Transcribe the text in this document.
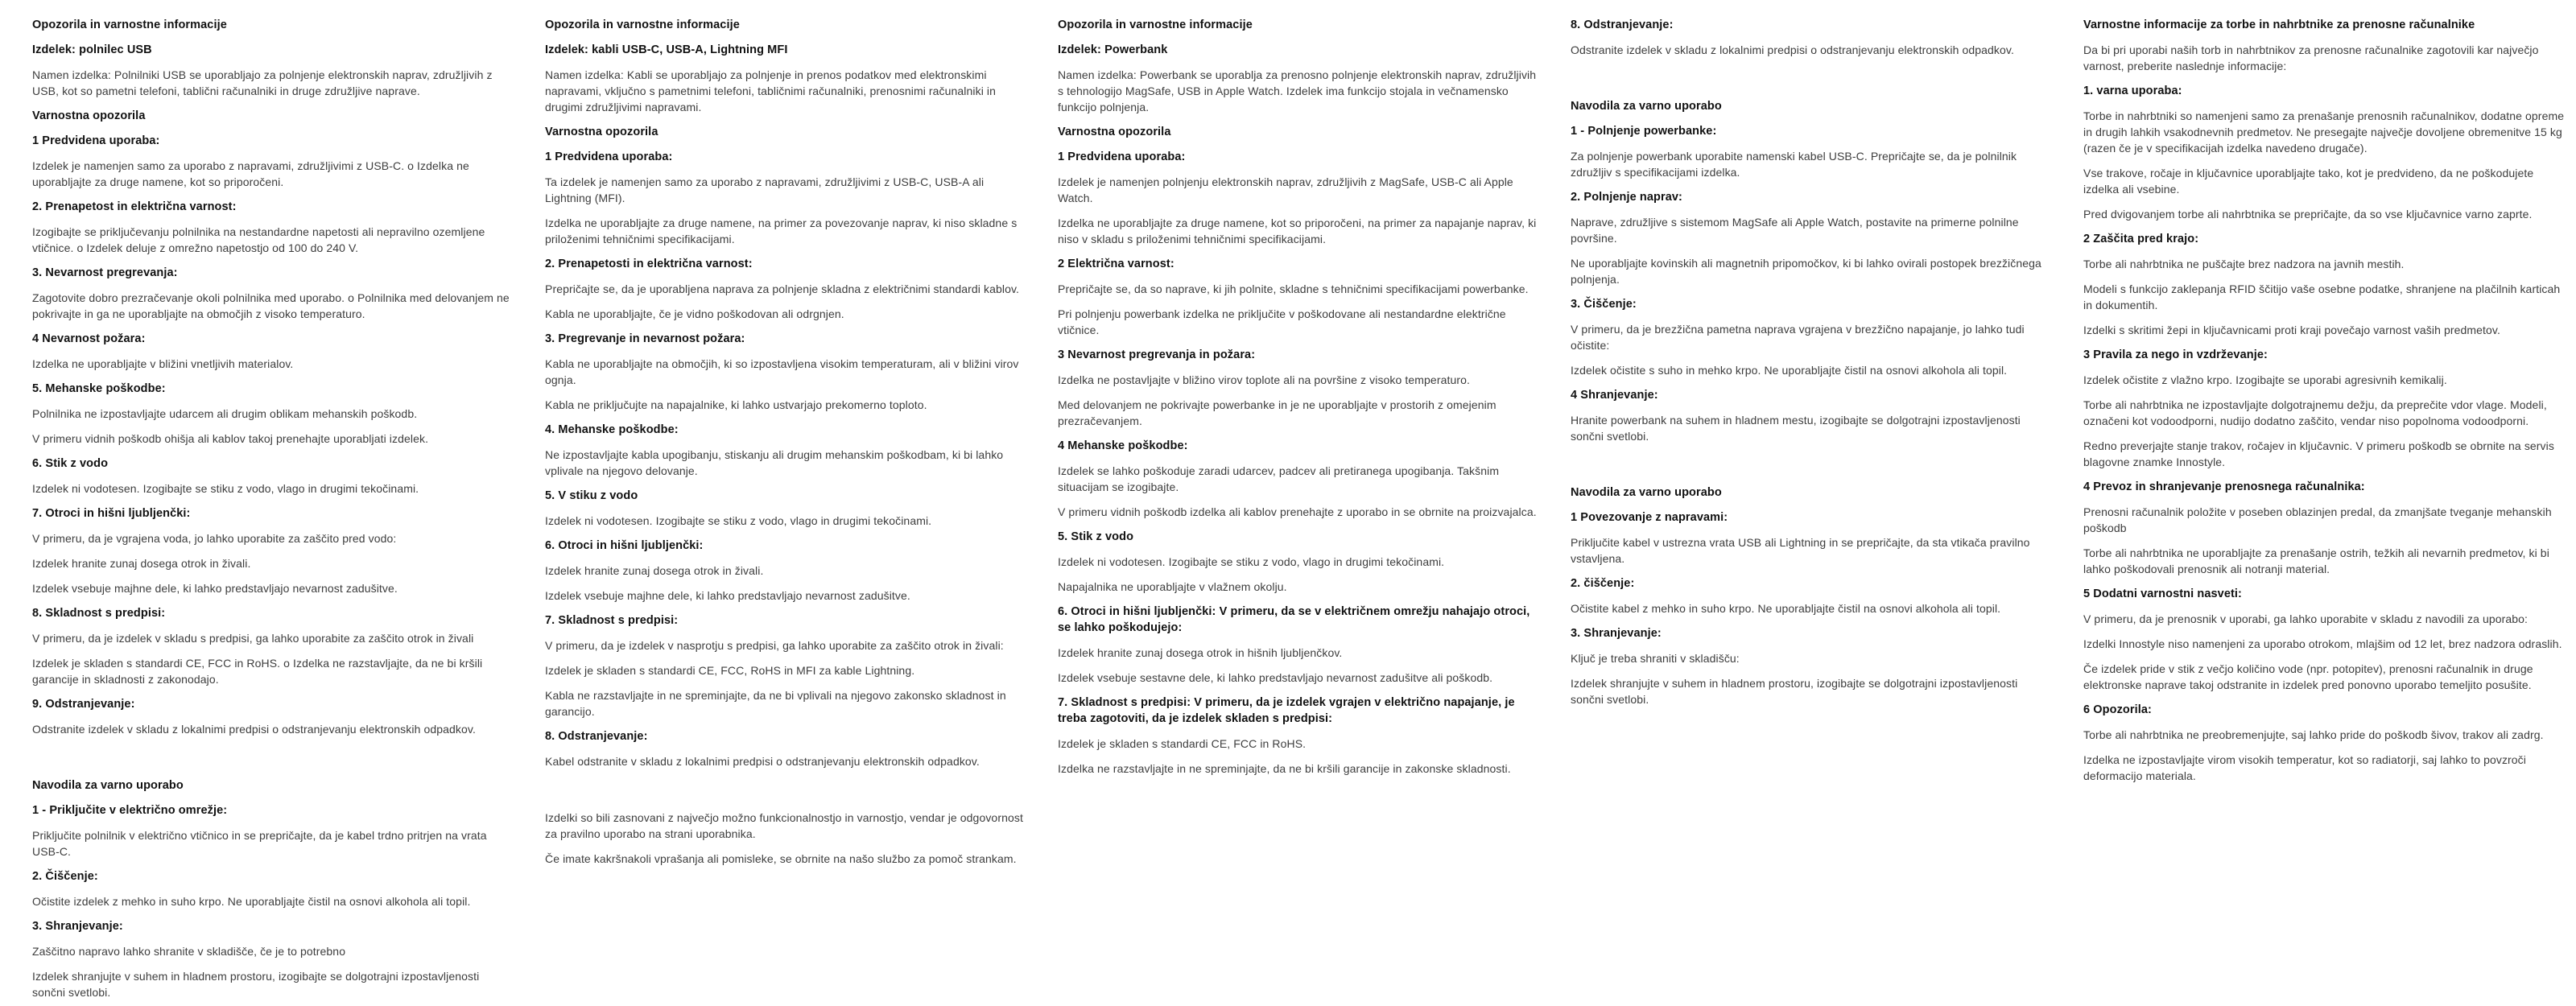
Opozorila in varnostne informacije
Izdelek: polnilec USB

Namen izdelka: Polnilniki USB se uporabljajo za polnjenje elektronskih naprav, združljivih z USB, kot so pametni telefoni, tablični računalniki in druge združljive naprave.

Varnostna opozorila
1 Predvidena uporaba:

Izdelek je namenjen samo za uporabo z napravami, združljivimi z USB-C. o Izdelka ne uporabljajte za druge namene, kot so priporočeni.

2. Prenapetost in električna varnost:

Izogibajte se priključevanju polnilnika na nestandardne napetosti ali nepravilno ozemljene vtičnice. o Izdelek deluje z omrežno napetostjo od 100 do 240 V.

3. Nevarnost pregrevanja:

Zagotovite dobro prezračevanje okoli polnilnika med uporabo. o Polnilnika med delovanjem ne pokrivajte in ga ne uporabljajte na območjih z visoko temperaturo.

4 Nevarnost požara:

Izdelka ne uporabljajte v bližini vnetljivih materialov.

5. Mehanske poškodbe:

Polnilnika ne izpostavljajte udarcem ali drugim oblikam mehanskih poškodb.

V primeru vidnih poškodb ohišja ali kablov takoj prenehajte uporabljati izdelek.

6. Stik z vodo

Izdelek ni vodotesen. Izogibajte se stiku z vodo, vlago in drugimi tekočinami.

7. Otroci in hišni ljubljenčki:

V primeru, da je vgrajena voda, jo lahko uporabite za zaščito pred vodo:

Izdelek hranite zunaj dosega otrok in živali.

Izdelek vsebuje majhne dele, ki lahko predstavljajo nevarnost zadušitve.

8. Skladnost s predpisi:

V primeru, da je izdelek v skladu s predpisi, ga lahko uporabite za zaščito otrok in živali

Izdelek je skladen s standardi CE, FCC in RoHS. o Izdelka ne razstavljajte, da ne bi kršili garancije in skladnosti z zakonodajo.

9. Odstranjevanje:

Odstranite izdelek v skladu z lokalnimi predpisi o odstranjevanju elektronskih odpadkov.

Navodila za varno uporabo
1 - Priključite v električno omrežje:

Priključite polnilnik v električno vtičnico in se prepričajte, da je kabel trdno pritrjen na vrata USB-C.

2. Čiščenje:

Očistite izdelek z mehko in suho krpo. Ne uporabljajte čistil na osnovi alkohola ali topil.

3. Shranjevanje:

Zaščitno napravo lahko shranite v skladišče, če je to potrebno

Izdelek shranjujte v suhem in hladnem prostoru, izogibajte se dolgotrajni izpostavljenosti sončni svetlobi.

Opozorila in varnostne informacije
Izdelek: kabli USB-C, USB-A, Lightning MFI

Namen izdelka: Kabli se uporabljajo za polnjenje in prenos podatkov med elektronskimi napravami, vključno s pametnimi telefoni, tabličnimi računalniki, prenosnimi računalniki in drugimi združljivimi napravami.

Varnostna opozorila
1 Predvidena uporaba:

Ta izdelek je namenjen samo za uporabo z napravami, združljivimi z USB-C, USB-A ali Lightning (MFI).

Izdelka ne uporabljajte za druge namene, na primer za povezovanje naprav, ki niso skladne s priloženimi tehničnimi specifikacijami.

2. Prenapetosti in električna varnost:

Prepričajte se, da je uporabljena naprava za polnjenje skladna z električnimi standardi kablov.

Kabla ne uporabljajte, če je vidno poškodovan ali odrgnjen.

3. Pregrevanje in nevarnost požara:

Kabla ne uporabljajte na območjih, ki so izpostavljena visokim temperaturam, ali v bližini virov ognja.

Kabla ne priključujte na napajalnike, ki lahko ustvarjajo prekomerno toploto.

4. Mehanske poškodbe:

Ne izpostavljajte kabla upogibanju, stiskanju ali drugim mehanskim poškodbam, ki bi lahko vplivale na njegovo delovanje.

5. V stiku z vodo

Izdelek ni vodotesen. Izogibajte se stiku z vodo, vlago in drugimi tekočinami.

6. Otroci in hišni ljubljenčki:

Izdelek hranite zunaj dosega otrok in živali.

Izdelek vsebuje majhne dele, ki lahko predstavljajo nevarnost zadušitve.

7. Skladnost s predpisi:

V primeru, da je izdelek v nasprotju s predpisi, ga lahko uporabite za zaščito otrok in živali:

Izdelek je skladen s standardi CE, FCC, RoHS in MFI za kable Lightning.

Kabla ne razstavljajte in ne spreminjajte, da ne bi vplivali na njegovo zakonsko skladnost in garancijo.

8. Odstranjevanje:

Kabel odstranite v skladu z lokalnimi predpisi o odstranjevanju elektronskih odpadkov.

Izdelki so bili zasnovani z največjo možno funkcionalnostjo in varnostjo, vendar je odgovornost za pravilno uporabo na strani uporabnika.

Če imate kakršnakoli vprašanja ali pomisleke, se obrnite na našo službo za pomoč strankam.

Opozorila in varnostne informacije
Izdelek: Powerbank

Namen izdelka: Powerbank se uporablja za prenosno polnjenje elektronskih naprav, združljivih s tehnologijo MagSafe, USB in Apple Watch. Izdelek ima funkcijo stojala in večnamensko funkcijo polnjenja.

Varnostna opozorila
1 Predvidena uporaba:

Izdelek je namenjen polnjenju elektronskih naprav, združljivih z MagSafe, USB-C ali Apple Watch.

Izdelka ne uporabljajte za druge namene, kot so priporočeni, na primer za napajanje naprav, ki niso v skladu s priloženimi tehničnimi specifikacijami.

2 Električna varnost:

Prepričajte se, da so naprave, ki jih polnite, skladne s tehničnimi specifikacijami powerbanke.

Pri polnjenju powerbank izdelka ne priključite v poškodovane ali nestandardne električne vtičnice.

3 Nevarnost pregrevanja in požara:

Izdelka ne postavljajte v bližino virov toplote ali na površine z visoko temperaturo.

Med delovanjem ne pokrivajte powerbanke in je ne uporabljajte v prostorih z omejenim prezračevanjem.

4 Mehanske poškodbe:

Izdelek se lahko poškoduje zaradi udarcev, padcev ali pretiranega upogibanja. Takšnim situacijam se izogibajte.

V primeru vidnih poškodb izdelka ali kablov prenehajte z uporabo in se obrnite na proizvajalca.

5. Stik z vodo

Izdelek ni vodotesen. Izogibajte se stiku z vodo, vlago in drugimi tekočinami.

Napajalnika ne uporabljajte v vlažnem okolju.

6. Otroci in hišni ljubljenčki: V primeru, da se v električnem omrežju nahajajo otroci, se lahko poškodujejo:

Izdelek hranite zunaj dosega otrok in hišnih ljubljenčkov.

Izdelek vsebuje sestavne dele, ki lahko predstavljajo nevarnost zadušitve ali poškodb.

7. Skladnost s predpisi: V primeru, da je izdelek vgrajen v električno napajanje, je treba zagotoviti, da je izdelek skladen s predpisi:

Izdelek je skladen s standardi CE, FCC in RoHS.

Izdelka ne razstavljajte in ne spreminjajte, da ne bi kršili garancije in zakonske skladnosti.

8. Odstranjevanje:

Odstranite izdelek v skladu z lokalnimi predpisi o odstranjevanju elektronskih odpadkov.

Navodila za varno uporabo
1 - Polnjenje powerbanke:

Za polnjenje powerbank uporabite namenski kabel USB-C. Prepričajte se, da je polnilnik združljiv s specifikacijami izdelka.

2. Polnjenje naprav:

Naprave, združljive s sistemom MagSafe ali Apple Watch, postavite na primerne polnilne površine.

Ne uporabljajte kovinskih ali magnetnih pripomočkov, ki bi lahko ovirali postopek brezžičnega polnjenja.

3. Čiščenje:

V primeru, da je brezžična pametna naprava vgrajena v brezžično napajanje, jo lahko tudi očistite:

Izdelek očistite s suho in mehko krpo. Ne uporabljajte čistil na osnovi alkohola ali topil.

4 Shranjevanje:

Hranite powerbank na suhem in hladnem mestu, izogibajte se dolgotrajni izpostavljenosti sončni svetlobi.

Navodila za varno uporabo
1 Povezovanje z napravami:

Priključite kabel v ustrezna vrata USB ali Lightning in se prepričajte, da sta vtikača pravilno vstavljena.

2. čiščenje:

Očistite kabel z mehko in suho krpo. Ne uporabljajte čistil na osnovi alkohola ali topil.

3. Shranjevanje:

Ključ je treba shraniti v skladišču:

Izdelek shranjujte v suhem in hladnem prostoru, izogibajte se dolgotrajni izpostavljenosti sončni svetlobi.

Varnostne informacije za torbe in nahrbtnike za prenosne računalnike

Da bi pri uporabi naših torb in nahrbtnikov za prenosne računalnike zagotovili kar največjo varnost, preberite naslednje informacije:

1. varna uporaba:

Torbe in nahrbtniki so namenjeni samo za prenašanje prenosnih računalnikov, dodatne opreme in drugih lahkih vsakodnevnih predmetov. Ne presegajte največje dovoljene obremenitve 15 kg (razen če je v specifikacijah izdelka navedeno drugače).

Vse trakove, ročaje in ključavnice uporabljajte tako, kot je predvideno, da ne poškodujete izdelka ali vsebine.

Pred dvigovanjem torbe ali nahrbtnika se prepričajte, da so vse ključavnice varno zaprte.

2 Zaščita pred krajo:

Torbe ali nahrbtnika ne puščajte brez nadzora na javnih mestih.

Modeli s funkcijo zaklepanja RFID ščitijo vaše osebne podatke, shranjene na plačilnih karticah in dokumentih.

Izdelki s skritimi žepi in ključavnicami proti kraji povečajo varnost vaših predmetov.

3 Pravila za nego in vzdrževanje:

Izdelek očistite z vlažno krpo. Izogibajte se uporabi agresivnih kemikalij.

Torbe ali nahrbtnika ne izpostavljajte dolgotrajnemu dežju, da preprečite vdor vlage. Modeli, označeni kot vodoodporni, nudijo dodatno zaščito, vendar niso popolnoma vodoodporni.

Redno preverjajte stanje trakov, ročajev in ključavnic. V primeru poškodb se obrnite na servis blagovne znamke Innostyle.

4 Prevoz in shranjevanje prenosnega računalnika:

Prenosni računalnik položite v poseben oblazinjen predal, da zmanjšate tveganje mehanskih poškodb

Torbe ali nahrbtnika ne uporabljajte za prenašanje ostrih, težkih ali nevarnih predmetov, ki bi lahko poškodovali prenosnik ali notranji material.

5 Dodatni varnostni nasveti:

V primeru, da je prenosnik v uporabi, ga lahko uporabite v skladu z navodili za uporabo:

Izdelki Innostyle niso namenjeni za uporabo otrokom, mlajšim od 12 let, brez nadzora odraslih.

Če izdelek pride v stik z večjo količino vode (npr. potopitev), prenosni računalnik in druge elektronske naprave takoj odstranite in izdelek pred ponovno uporabo temeljito posušite.

6 Opozorila:

Torbe ali nahrbtnika ne preobremenjujte, saj lahko pride do poškodb šivov, trakov ali zadrg.

Izdelka ne izpostavljajte virom visokih temperatur, kot so radiatorji, saj lahko to povzroči deformacijo materiala.
